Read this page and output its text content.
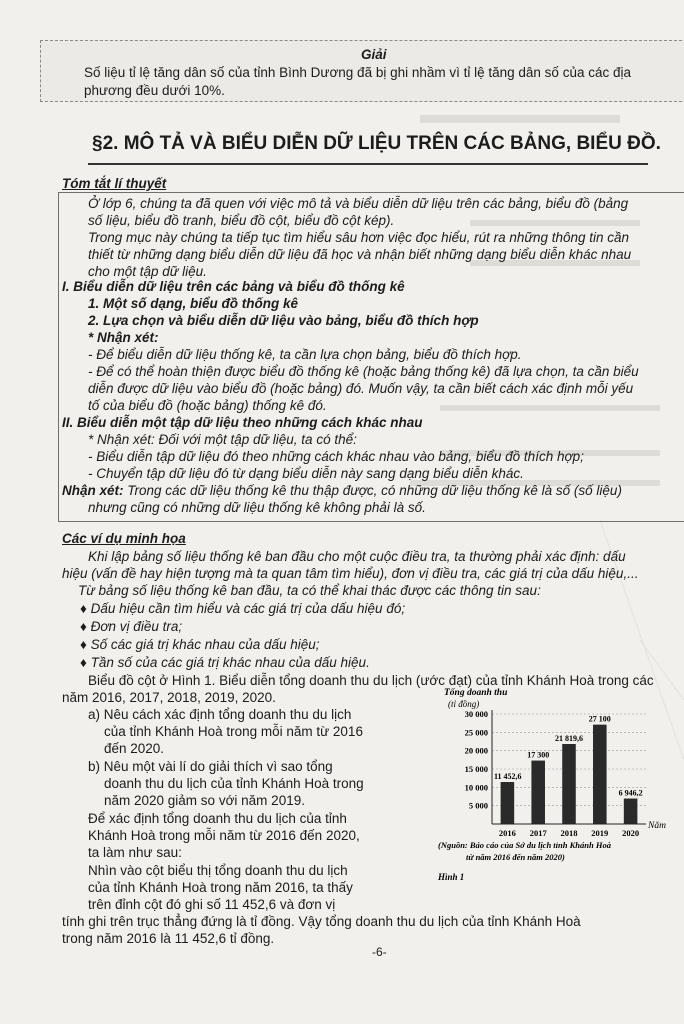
Giải
Số liệu tỉ lệ tăng dân số của tỉnh Bình Dương đã bị ghi nhầm vì tỉ lệ tăng dân số của các địa
phương đều dưới 10%.
§2. MÔ TẢ VÀ BIỂU DIỄN DỮ LIỆU TRÊN CÁC BẢNG, BIỂU ĐỒ.
Tóm tắt lí thuyết
Ở lớp 6, chúng ta đã quen với việc mô tả và biểu diễn dữ liệu trên các bảng, biểu đồ (bảng
số liệu, biểu đồ tranh, biểu đồ cột, biểu đồ cột kép).
Trong mục này chúng ta tiếp tục tìm hiểu sâu hơn việc đọc hiểu, rút ra những thông tin cần
thiết từ những dạng biểu diễn dữ liệu đã học và nhận biết những dạng biểu diễn khác nhau
cho một tập dữ liệu.
I. Biểu diễn dữ liệu trên các bảng và biểu đồ thống kê
1. Một số dạng, biểu đồ thống kê
2. Lựa chọn và biểu diễn dữ liệu vào bảng, biểu đồ thích hợp
* Nhận xét:
- Để biểu diễn dữ liệu thống kê, ta cần lựa chọn bảng, biểu đồ thích hợp.
- Để có thể hoàn thiện được biểu đồ thống kê (hoặc bảng thống kê) đã lựa chọn, ta cần biểu
diễn được dữ liệu vào biểu đồ (hoặc bảng) đó. Muốn vậy, ta cần biết cách xác định mỗi yếu
tố của biểu đồ (hoặc bảng) thống kê đó.
II. Biểu diễn một tập dữ liệu theo những cách khác nhau
* Nhận xét: Đối với một tập dữ liệu, ta có thể:
- Biểu diễn tập dữ liệu đó theo những cách khác nhau vào bảng, biểu đồ thích hợp;
- Chuyển tập dữ liệu đó từ dạng biểu diễn này sang dạng biểu diễn khác.
Nhận xét: Trong các dữ liệu thống kê thu thập được, có những dữ liệu thống kê là số (số liệu)
nhưng cũng có những dữ liệu thống kê không phải là số.
Các ví dụ minh họa
Khi lập bảng số liệu thống kê ban đầu cho một cuộc điều tra, ta thường phải xác định: dấu
hiệu (vấn đề hay hiện tượng mà ta quan tâm tìm hiểu), đơn vị điều tra, các giá trị của dấu hiệu,...
Từ bảng số liệu thống kê ban đầu, ta có thể khai thác được các thông tin sau:
♦ Dấu hiệu cần tìm hiểu và các giá trị của dấu hiệu đó;
♦ Đơn vị điều tra;
♦ Số các giá trị khác nhau của dấu hiệu;
♦ Tần số của các giá trị khác nhau của dấu hiệu.
Biểu đồ cột ở Hình 1. Biểu diễn tổng doanh thu du lịch (ước đạt) của tỉnh Khánh Hoà trong các
năm 2016, 2017, 2018, 2019, 2020.
a) Nêu cách xác định tổng doanh thu du lịch
của tỉnh Khánh Hoà trong mỗi năm từ 2016
đến 2020.
b) Nêu một vài lí do giải thích vì sao tổng
doanh thu du lịch của tỉnh Khánh Hoà trong
năm 2020 giảm so với năm 2019.
Để xác định tổng doanh thu du lịch của tỉnh
Khánh Hoà trong mỗi năm từ 2016 đến 2020,
ta làm như sau:
Nhìn vào cột biểu thị tổng doanh thu du lịch
của tỉnh Khánh Hoà trong năm 2016, ta thấy
trên đỉnh cột đó ghi số 11 452,6 và đơn vị
tính ghi trên trục thẳng đứng là tỉ đồng. Vậy tổng doanh thu du lịch của tỉnh Khánh Hoà
trong năm 2016 là 11 452,6 tỉ đồng.
5 000
10 000
15 000
20 000
25 000
30 000
11 452,6
17 300
21 819,6
27 100
6 946,2
2016 2017 2018 2019 2020
Tổng doanh thu
(tỉ đồng)
Năm
(Nguồn: Báo cáo của Sở du lịch tỉnh Khánh Hoà
từ năm 2016 đến năm 2020)
Hình 1
-6-
